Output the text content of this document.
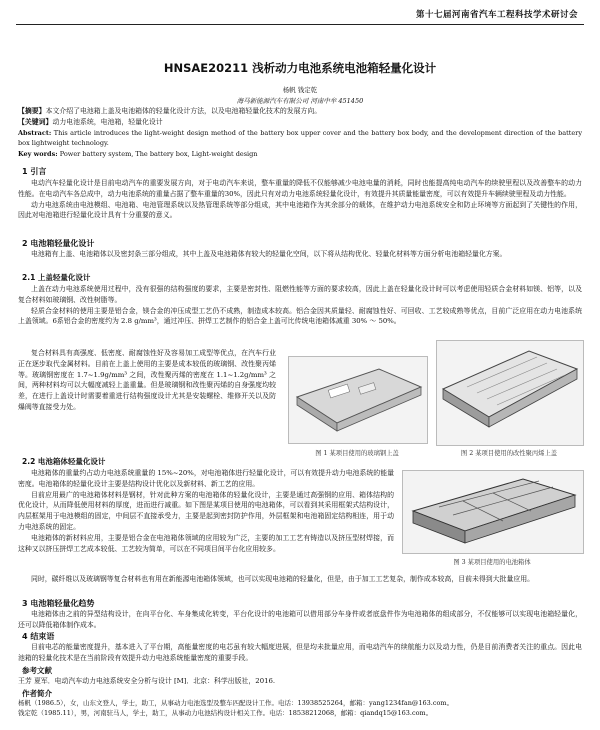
第十七届河南省汽车工程科技学术研讨会
HNSAE20211 浅析动力电池系统电池箱轻量化设计
杨帆 钱定乾
海马新能源汽车有限公司 河南中牟 451450
【摘要】本文介绍了电池箱上盖及电池箱体的轻量化设计方法，以及电池箱轻量化技术的发展方向。
【关键词】动力电池系统，电池箱，轻量化设计
Abstract: This article introduces the light-weight design method of the battery box upper cover and the battery box body, and the development direction of the battery box lightweight technology.
Key words: Power battery system, The battery box, Light-weight design
1 引言
电动汽车轻量化设计是目前电动汽车的重要发展方向，对于电动汽车来说，整车重量的降低不仅能够减少电池电量的消耗，同时也能提高纯电动汽车的续驶里程以及改善整车的动力性能。在电动汽车各总成中，动力电池系统的重量占据了整车重量的30%，因此只有对动力电池系统轻量化设计，有效提升其质量能量密度，可以有效提升车辆续驶里程及动力性能。
动力电池系统由电池模组、电池箱、电池管理系统以及热管理系统等部分组成，其中电池箱作为其余部分的载体，在维护动力电池系统安全和防止环境等方面起到了关键性的作用，因此对电池箱进行轻量化设计具有十分重要的意义。
2 电池箱轻量化设计
电池箱有上盖、电池箱体以及密封条三部分组成，其中上盖及电池箱体有较大的轻量化空间，以下将从结构优化、轻量化材料等方面分析电池箱轻量化方案。
2.1 上盖轻量化设计
上盖在动力电池系统使用过程中，没有很强的结构强度的要求，主要是密封性、阻燃性能等方面的要求较高，因此上盖在轻量化设计时可以考虑使用轻质合金材料如镁、铝等，以及复合材料如玻璃钢、改性树脂等。
轻质合金材料的使用主要是铝合金，镁合金的冲压成型工艺仍不成熟，制造成本较高。铝合金因其质量轻、耐腐蚀性好、可回收、工艺较成熟等优点，目前广泛应用在动力电池系统上盖领域。6系铝合金的密度约为 2.8 g/mm³，通过冲压、拼焊工艺制作的铝合金上盖可比传统电池箱体减重 30% ～ 50%。
复合材料具有高强度、低密度、耐腐蚀性好及容易加工成型等优点，在汽车行业正在逐步取代金属材料。目前在上盖上使用的主要是成本较低的玻璃钢、改性聚丙烯等。玻璃钢密度在 1.7~1.9g/mm³ 之间，改性聚丙烯的密度在 1.1~1.2g/mm³ 之间，两种材料均可以大幅度减轻上盖重量。但是玻璃钢和改性聚丙烯的自身强度均较差，在进行上盖设计时需要着重进行结构强度设计尤其是安装螺栓、维修开关以及防爆阀等直接受力处。
图 1 某项目使用的玻璃钢上盖	图 2 某项目使用的改性聚丙烯上盖
2.2 电池箱体轻量化设计
电池箱体的重量约占动力电池系统重量的 15%~20%，对电池箱体进行轻量化设计，可以有效提升动力电池系统的能量密度。电池箱体的轻量化设计主要是结构设计优化以及新材料、新工艺的应用。
目前应用最广的电池箱体材料是钢材，针对此种方案的电池箱体的轻量化设计，主要是通过高强钢的应用、箱体结构的优化设计，从而降低使用材料的厚度，进而进行减重。如下图是某项目使用的电池箱体，可以看到其采用框架式结构设计，内层框架用于电池模组的固定，中间层不直接承受力，主要是起到密封防护作用，外层框架和电池箱固定结构相连，用于动力电池系统的固定。
电池箱体的新材料应用，主要是铝合金在电池箱体领域的应用较为广泛，主要的加工工艺有铸造以及挤压型材焊接，而这种又以挤压拼焊工艺成本较低、工艺较为简单，可以在不同项目间平台化应用较多。
图 3 某项目使用的电池箱体
同时，碳纤维以及玻璃钢等复合材料也有用在新能源电池箱体领域，也可以实现电池箱的轻量化，但是，由于加工工艺复杂，制作成本较高，目前未得到大批量应用。
3 电池箱轻量化趋势
电池箱体由之前的异型结构设计，在向平台化、车身集成化转变，平台化设计的电池箱可以借用部分车身件或者底盘件作为电池箱体的组成部分，不仅能够可以实现电池箱轻量化，还可以降低箱体制作成本。
4 结束语
目前电芯的能量密度提升，基本进入了平台期，高能量密度的电芯虽有较大幅度进展，但是均未批量应用，而电动汽车的续航能力以及动力性，仍是目前消费者关注的重点。因此电池箱的轻量化技术是在当前阶段有效提升动力电池系统能量密度的重要手段。
参考文献
王芳 夏军．电动汽车动力电池系统安全分析与设计 [M]．北京：科学出版社，2016.
作者简介
杨帆（1986.5），女，山东文登人，学士，助工，从事动力电池选型及整车匹配设计工作。电话：13938525264，邮箱：yang1234fan@163.com。
钱定乾（1985.11），男，河南驻马人，学士，助工，从事动力电池结构设计相关工作。电话：18538212068，邮箱：qiandq15@163.com。
